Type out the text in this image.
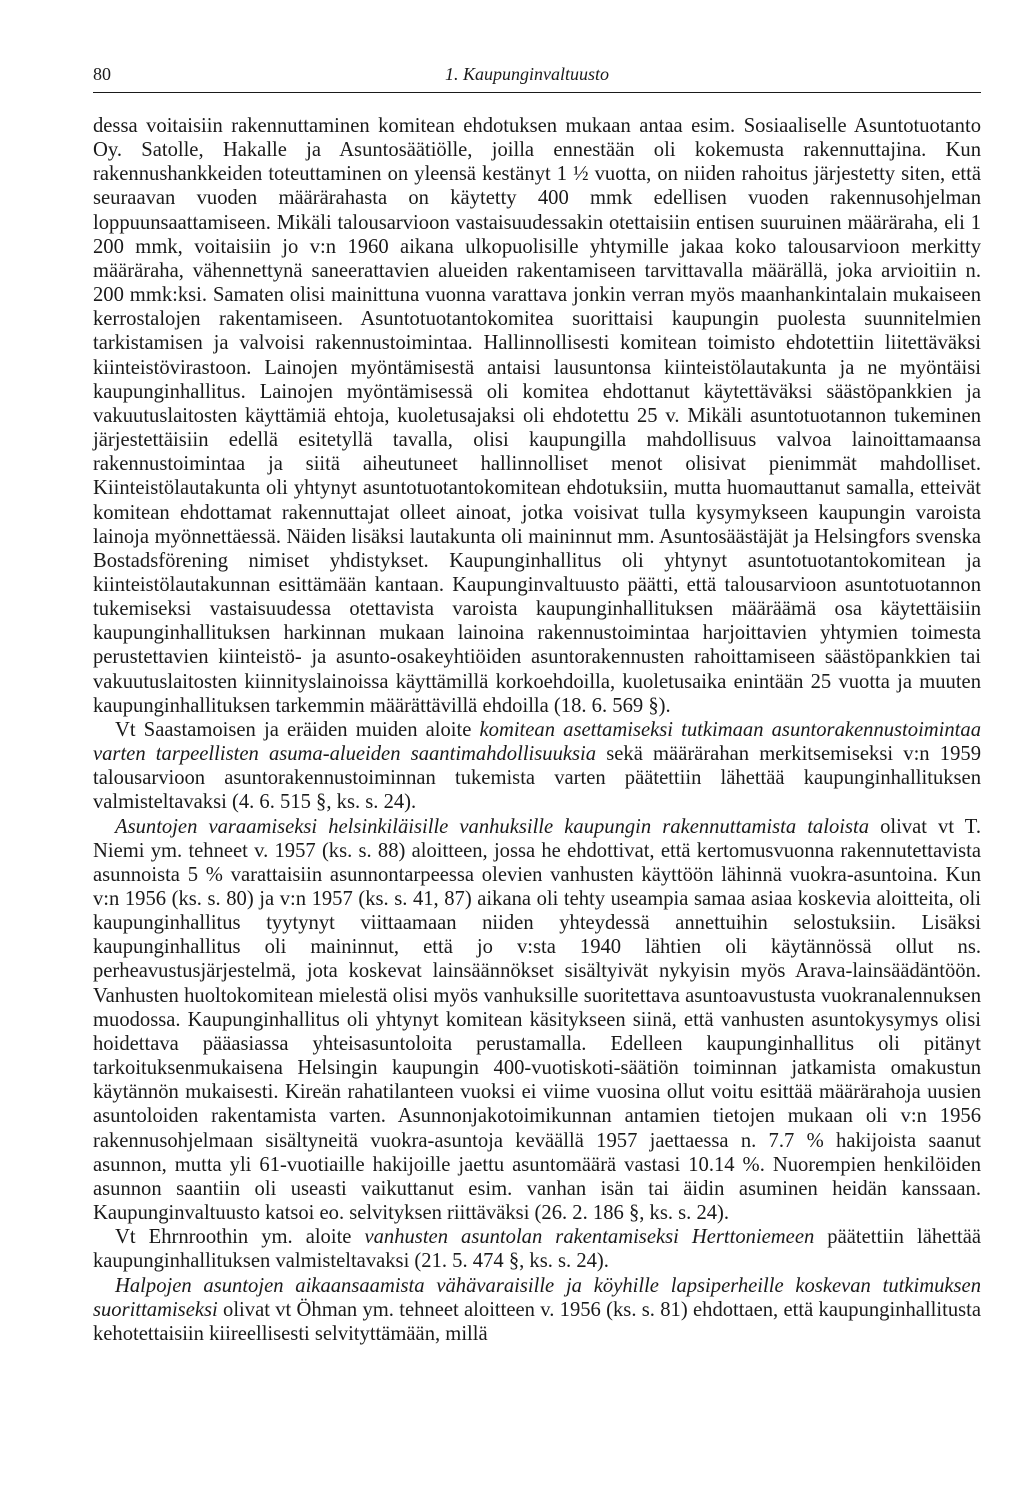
80	1. Kaupunginvaltuusto

dessa voitaisiin rakennuttaminen komitean ehdotuksen mukaan antaa esim. Sosiaaliselle Asuntotuotanto Oy. Satolle, Hakalle ja Asuntosäätiölle, joilla ennestään oli kokemusta rakennuttajina. Kun rakennushankkeiden toteuttaminen on yleensä kestänyt 1 ½ vuotta, on niiden rahoitus järjestetty siten, että seuraavan vuoden määrärahasta on käytetty 400 mmk edellisen vuoden rakennusohjelman loppuunsaattamiseen. Mikäli talousarvioon vastaisuudessakin otettaisiin entisen suuruinen määräraha, eli 1 200 mmk, voitaisiin jo v:n 1960 aikana ulkopuolisille yhtymille jakaa koko talousarvioon merkitty määräraha, vähennettynä saneerattavien alueiden rakentamiseen tarvittavalla määrällä, joka arvioitiin n. 200 mmk:ksi. Samaten olisi mainittuna vuonna varattava jonkin verran myös maanhankintalain mukaiseen kerrostalojen rakentamiseen. Asuntotuotantokomitea suorittaisi kaupungin puolesta suunnitelmien tarkistamisen ja valvoisi rakennustoimintaa. Hallinnollisesti komitean toimisto ehdotettiin liitettäväksi kiinteistövirastoon. Lainojen myöntämisestä antaisi lausuntonsa kiinteistölautakunta ja ne myöntäisi kaupunginhallitus. Lainojen myöntämisessä oli komitea ehdottanut käytettäväksi säästöpankkien ja vakuutuslaitosten käyttämiä ehtoja, kuoletusajaksi oli ehdotettu 25 v. Mikäli asuntotuotannon tukeminen järjestettäisiin edellä esitetyllä tavalla, olisi kaupungilla mahdollisuus valvoa lainoittamaansa rakennustoimintaa ja siitä aiheutuneet hallinnolliset menot olisivat pienimmät mahdolliset. Kiinteistölautakunta oli yhtynyt asuntotuotantokomitean ehdotuksiin, mutta huomauttanut samalla, etteivät komitean ehdottamat rakennuttajat olleet ainoat, jotka voisivat tulla kysymykseen kaupungin varoista lainoja myönnettäessä. Näiden lisäksi lautakunta oli maininnut mm. Asuntosäästäjät ja Helsingfors svenska Bostadsförening nimiset yhdistykset. Kaupunginhallitus oli yhtynyt asuntotuotantokomitean ja kiinteistölautakunnan esittämään kantaan. Kaupunginvaltuusto päätti, että talousarvioon asuntotuotannon tukemiseksi vastaisuudessa otettavista varoista kaupunginhallituksen määräämä osa käytettäisiin kaupunginhallituksen harkinnan mukaan lainoina rakennustoimintaa harjoittavien yhtymien toimesta perustettavien kiinteistö- ja asunto-osakeyhtiöiden asuntorakennusten rahoittamiseen säästöpankkien tai vakuutuslaitosten kiinnityslainoissa käyttämillä korkoehdoilla, kuoletusaika enintään 25 vuotta ja muuten kaupunginhallituksen tarkemmin määrättävillä ehdoilla (18. 6. 569 §).

Vt Saastamoisen ja eräiden muiden aloite komitean asettamiseksi tutkimaan asuntorakennustoimintaa varten tarpeellisten asuma-alueiden saantimahdollisuuksia sekä määrärahan merkitsemiseksi v:n 1959 talousarvioon asuntorakennustoiminnan tukemista varten päätettiin lähettää kaupunginhallituksen valmisteltavaksi (4. 6. 515 §, ks. s. 24).

Asuntojen varaamiseksi helsinkiläisille vanhuksille kaupungin rakennuttamista taloista olivat vt T. Niemi ym. tehneet v. 1957 (ks. s. 88) aloitteen, jossa he ehdottivat, että kertomusvuonna rakennutettavista asunnoista 5 % varattaisiin asunnontarpeessa olevien vanhusten käyttöön lähinnä vuokra-asuntoina. Kun v:n 1956 (ks. s. 80) ja v:n 1957 (ks. s. 41, 87) aikana oli tehty useampia samaa asiaa koskevia aloitteita, oli kaupunginhallitus tyytynyt viittaamaan niiden yhteydessä annettuihin selostuksiin. Lisäksi kaupunginhallitus oli maininnut, että jo v:sta 1940 lähtien oli käytännössä ollut ns. perheavustusjärjestelmä, jota koskevat lainsäännökset sisältyivät nykyisin myös Arava-lainsäädäntöön. Vanhusten huoltokomitean mielestä olisi myös vanhuksille suoritettava asuntoavustusta vuokranalennuksen muodossa. Kaupunginhallitus oli yhtynyt komitean käsitykseen siinä, että vanhusten asuntokysymys olisi hoidettava pääasiassa yhteisasuntoloita perustamalla. Edelleen kaupunginhallitus oli pitänyt tarkoituksenmukaisena Helsingin kaupungin 400-vuotiskoti-säätiön toiminnan jatkamista omakustun käytännön mukaisesti. Kireän rahatilanteen vuoksi ei viime vuosina ollut voitu esittää määrärahoja uusien asuntoloiden rakentamista varten. Asunnonjakotoimikunnan antamien tietojen mukaan oli v:n 1956 rakennusohjelmaan sisältyneitä vuokra-asuntoja keväällä 1957 jaettaessa n. 7.7 % hakijoista saanut asunnon, mutta yli 61-vuotiaille hakijoille jaettu asuntomäärä vastasi 10.14 %. Nuorempien henkilöiden asunnon saantiin oli useasti vaikuttanut esim. vanhan isän tai äidin asuminen heidän kanssaan. Kaupunginvaltuusto katsoi eo. selvityksen riittäväksi (26. 2. 186 §, ks. s. 24).

Vt Ehrnroothin ym. aloite vanhusten asuntolan rakentamiseksi Herttoniemeen päätettiin lähettää kaupunginhallituksen valmisteltavaksi (21. 5. 474 §, ks. s. 24).

Halpojen asuntojen aikaansaamista vähävaraisille ja köyhille lapsiperheille koskevan tutkimuksen suorittamiseksi olivat vt Öhman ym. tehneet aloitteen v. 1956 (ks. s. 81) ehdottaen, että kaupunginhallitusta kehotettaisiin kiireellisesti selvityttämään, millä
